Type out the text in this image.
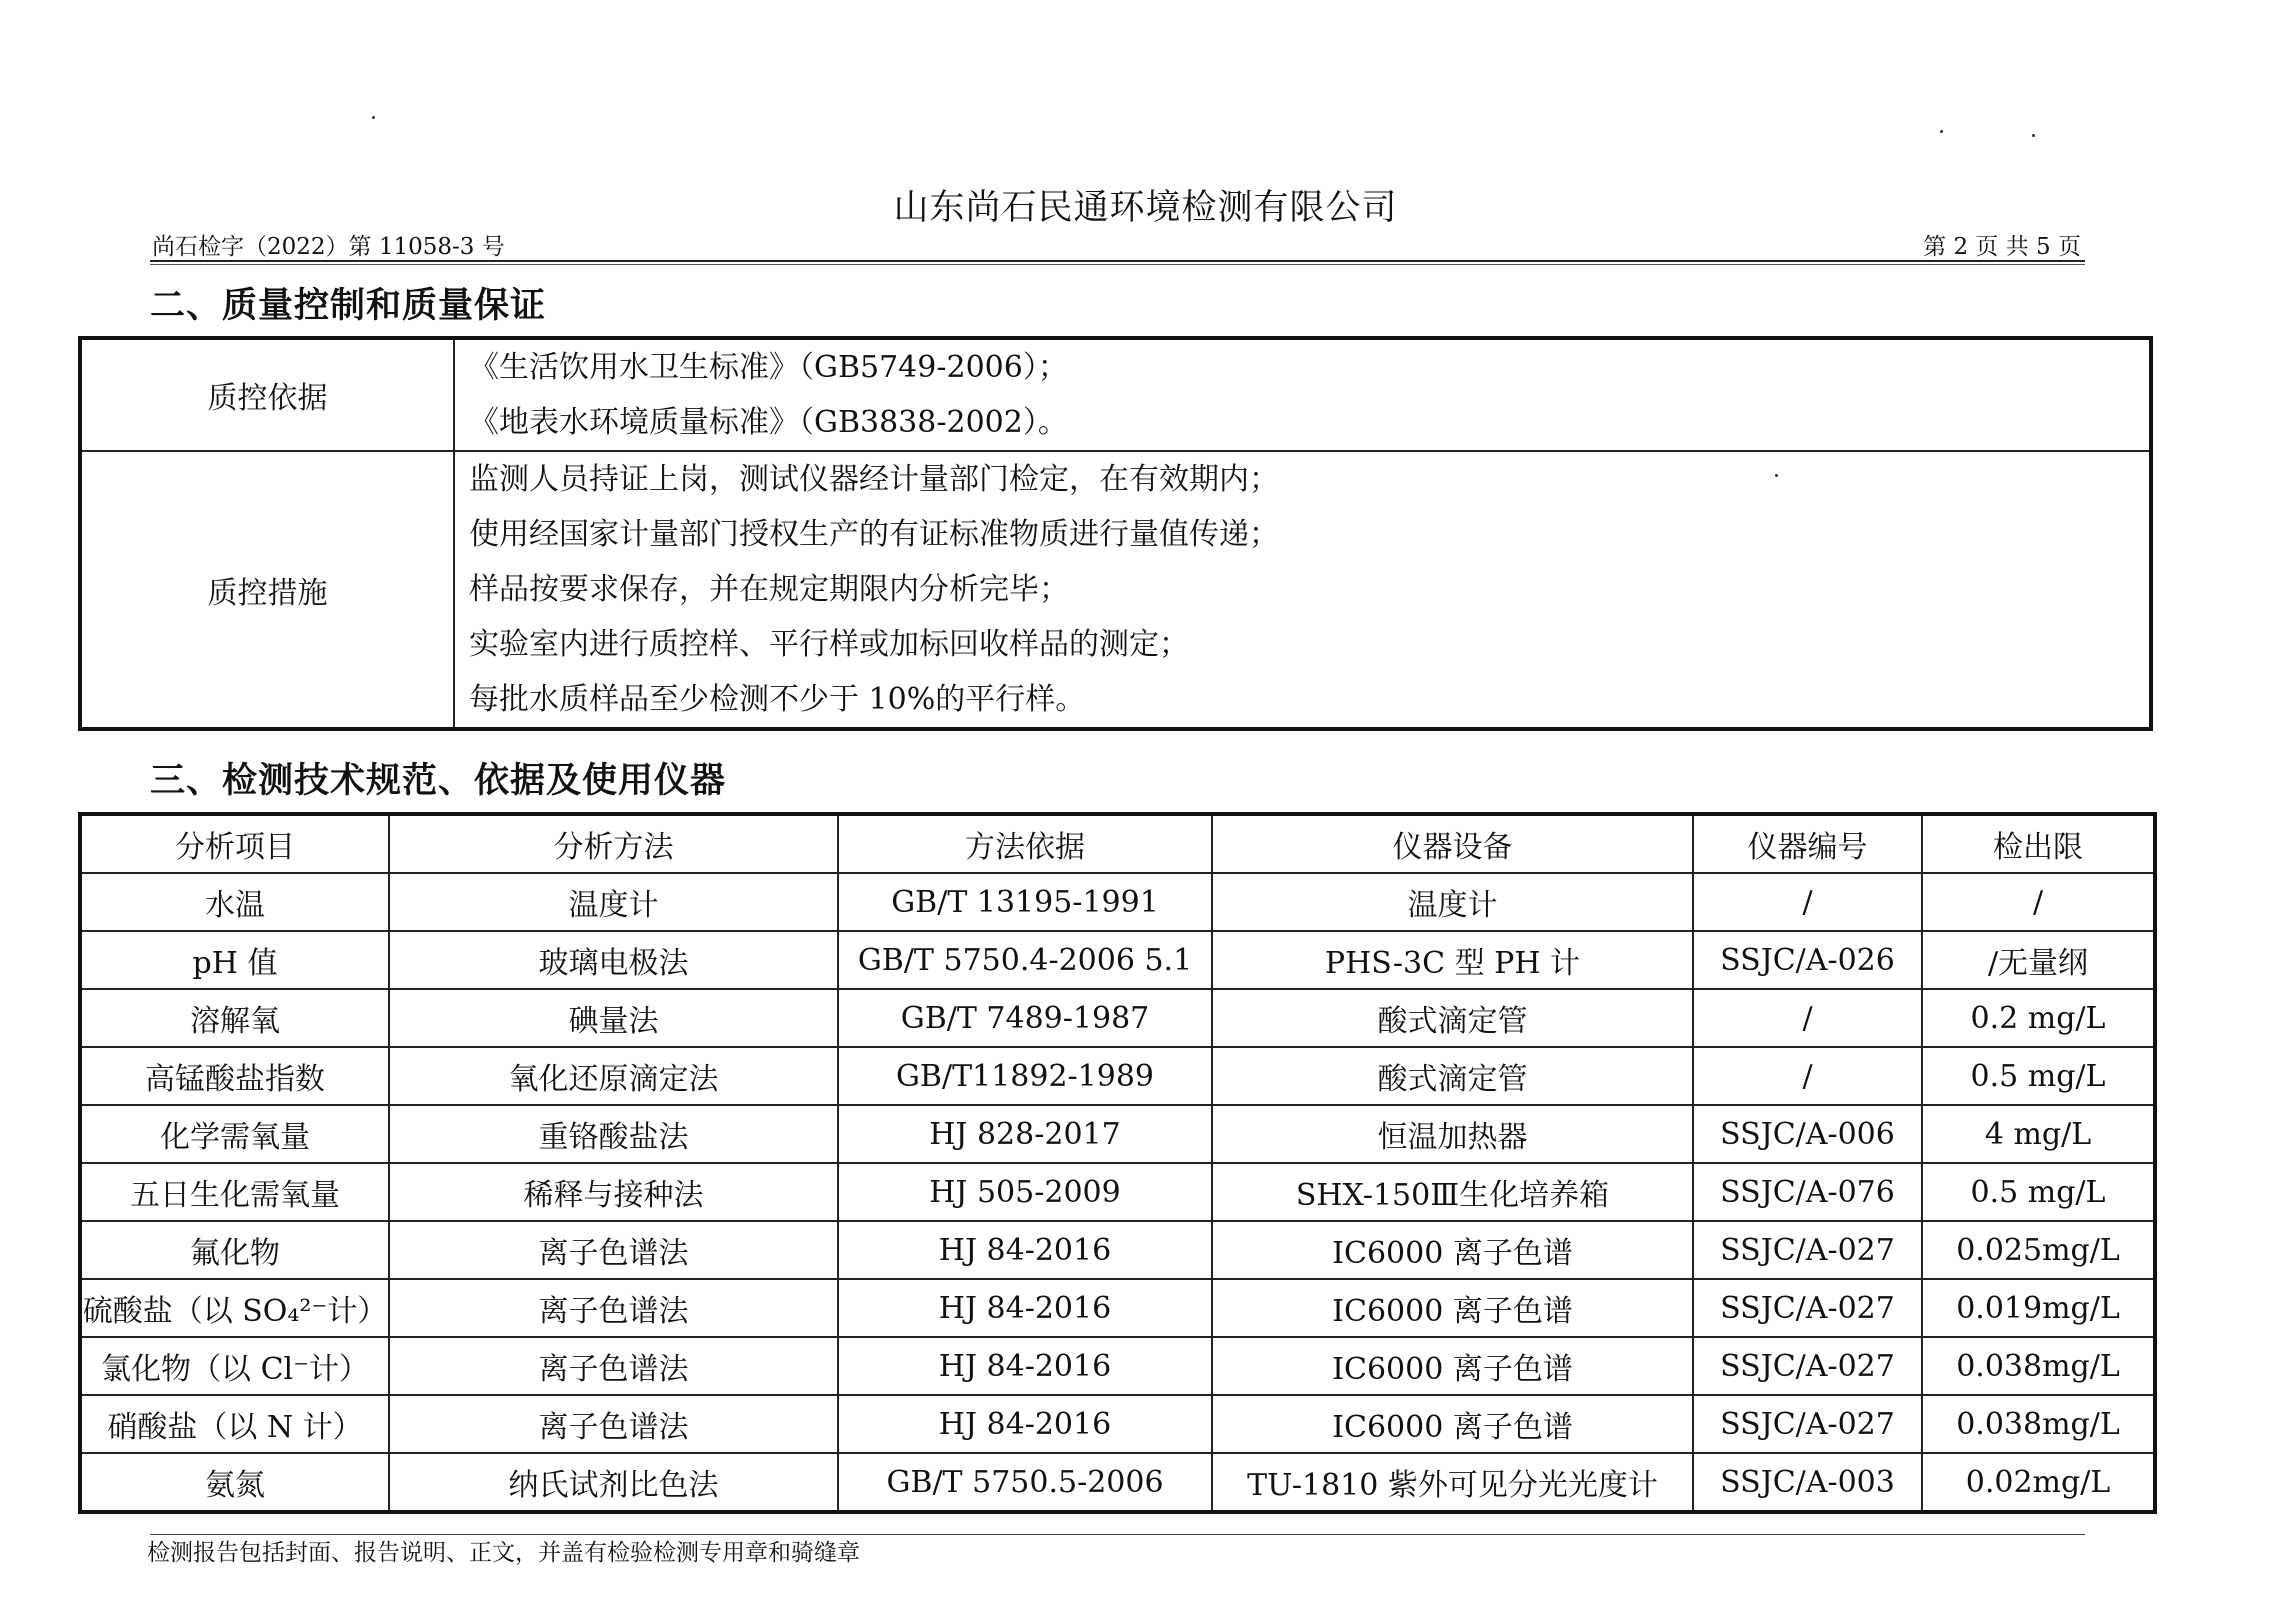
山东尚石民通环境检测有限公司
尚石检字（2022）第 11058-3 号	第 2 页 共 5 页
二、质量控制和质量保证
质控依据	《生活饮用水卫生标准》（GB5749-2006）；
《地表水环境质量标准》（GB3838-2002）。

质控措施	监测人员持证上岗，测试仪器经计量部门检定，在有效期内；
使用经国家计量部门授权生产的有证标准物质进行量值传递；
样品按要求保存，并在规定期限内分析完毕；
实验室内进行质控样、平行样或加标回收样品的测定；
每批水质样品至少检测不少于 10%的平行样。
三、检测技术规范、依据及使用仪器
分析项目	分析方法	方法依据	仪器设备	仪器编号	检出限
水温	温度计	GB/T 13195-1991	温度计	/	/
pH 值	玻璃电极法	GB/T 5750.4-2006 5.1	PHS-3C 型 PH 计	SSJC/A-026	/无量纲
溶解氧	碘量法	GB/T 7489-1987	酸式滴定管	/	0.2 mg/L
高锰酸盐指数	氧化还原滴定法	GB/T11892-1989	酸式滴定管	/	0.5 mg/L
化学需氧量	重铬酸盐法	HJ 828-2017	恒温加热器	SSJC/A-006	4 mg/L
五日生化需氧量	稀释与接种法	HJ 505-2009	SHX-150Ⅲ生化培养箱	SSJC/A-076	0.5 mg/L
氟化物	离子色谱法	HJ 84-2016	IC6000 离子色谱	SSJC/A-027	0.025mg/L
硫酸盐（以 SO₄²⁻计）	离子色谱法	HJ 84-2016	IC6000 离子色谱	SSJC/A-027	0.019mg/L
氯化物（以 Cl⁻计）	离子色谱法	HJ 84-2016	IC6000 离子色谱	SSJC/A-027	0.038mg/L
硝酸盐（以 N 计）	离子色谱法	HJ 84-2016	IC6000 离子色谱	SSJC/A-027	0.038mg/L
氨氮	纳氏试剂比色法	GB/T 5750.5-2006	TU-1810 紫外可见分光光度计	SSJC/A-003	0.02mg/L
检测报告包括封面、报告说明、正文，并盖有检验检测专用章和骑缝章
